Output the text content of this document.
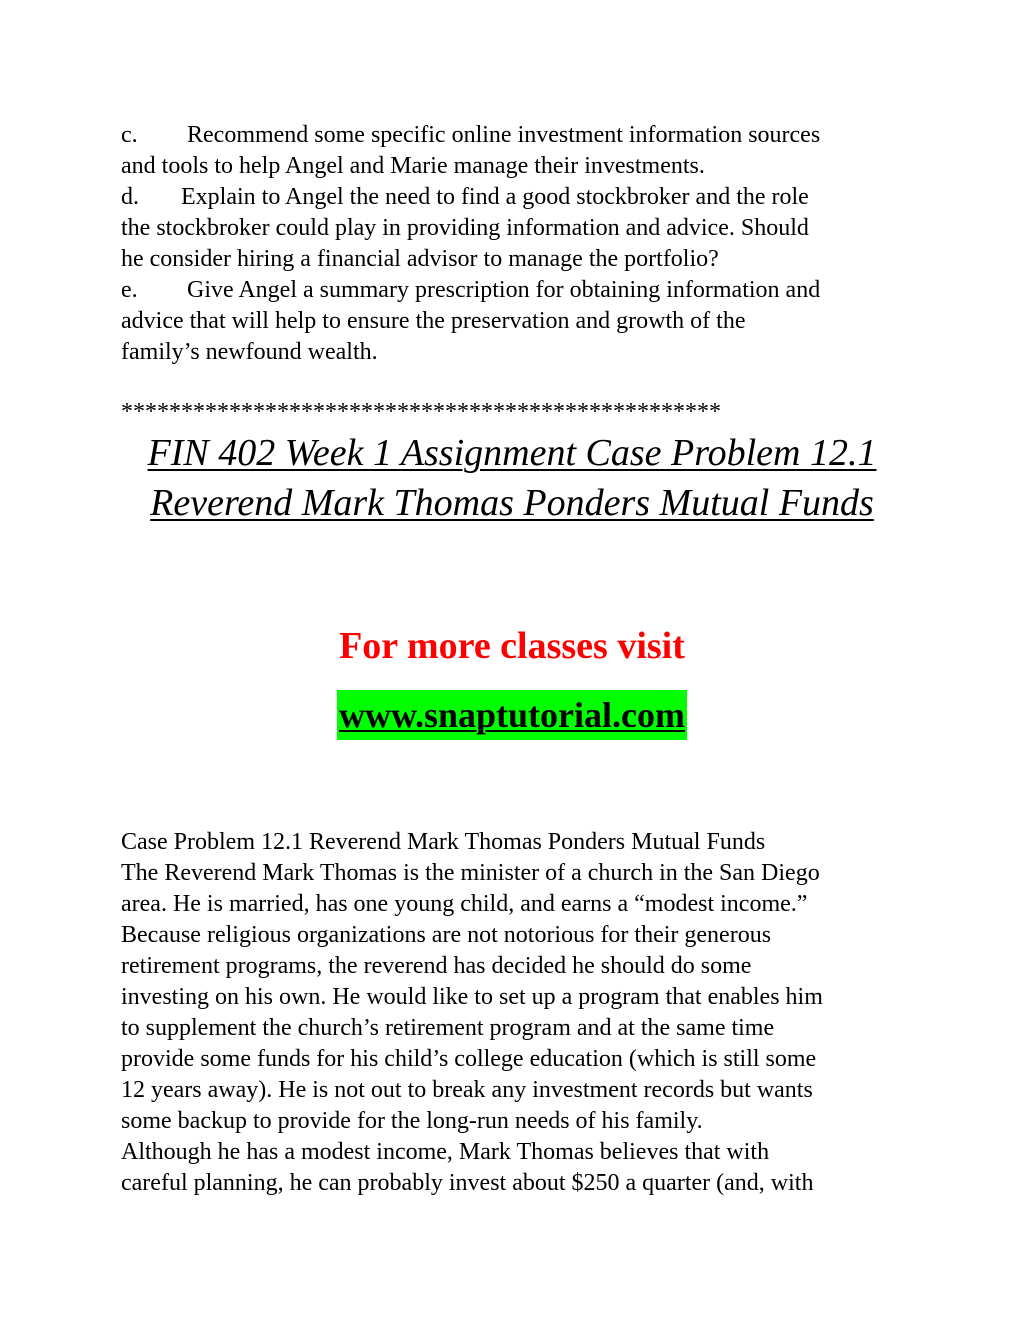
c. Recommend some specific online investment information sources
and tools to help Angel and Marie manage their investments.
d. Explain to Angel the need to find a good stockbroker and the role
the stockbroker could play in providing information and advice. Should
he consider hiring a financial advisor to manage the portfolio?
e. Give Angel a summary prescription for obtaining information and
advice that will help to ensure the preservation and growth of the
family’s newfound wealth.
**************************************************
FIN 402 Week 1 Assignment Case Problem 12.1
Reverend Mark Thomas Ponders Mutual Funds
For more classes visit
www.snaptutorial.com
Case Problem 12.1 Reverend Mark Thomas Ponders Mutual Funds
The Reverend Mark Thomas is the minister of a church in the San Diego
area. He is married, has one young child, and earns a “modest income.”
Because religious organizations are not notorious for their generous
retirement programs, the reverend has decided he should do some
investing on his own. He would like to set up a program that enables him
to supplement the church’s retirement program and at the same time
provide some funds for his child’s college education (which is still some
12 years away). He is not out to break any investment records but wants
some backup to provide for the long-run needs of his family.
Although he has a modest income, Mark Thomas believes that with
careful planning, he can probably invest about $250 a quarter (and, with
